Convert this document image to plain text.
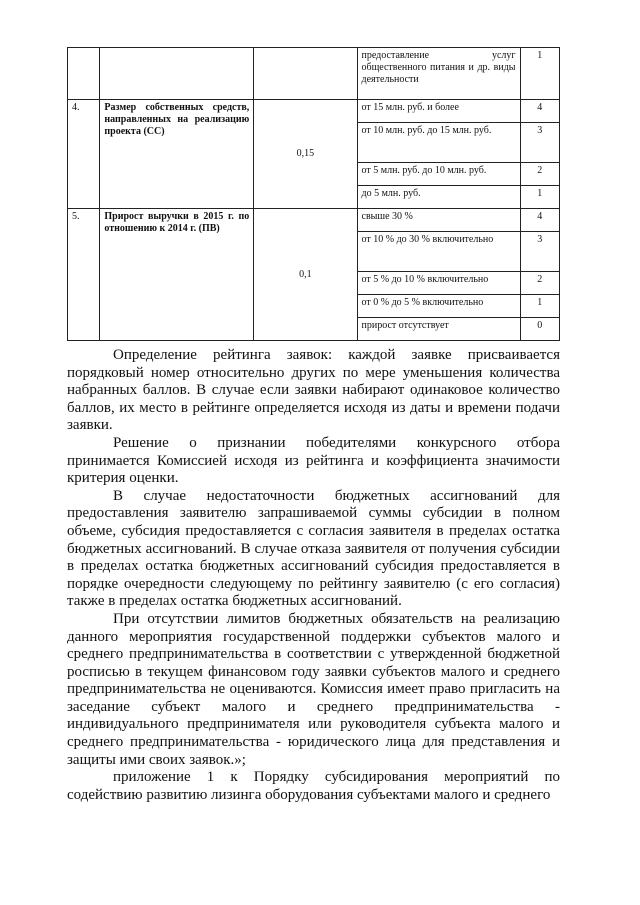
			предоставление услуг общественного питания и др. виды деятельности	1
4.	Размер собственных средств, направленных на реализацию проекта (СС)	0,15	от 15 млн. руб. и более	4
			от 10 млн. руб. до 15 млн. руб.	3
			от 5 млн. руб. до 10 млн. руб.	2
			до 5 млн. руб.	1
5.	Прирост выручки в 2015 г. по отношению к 2014 г. (ПВ)	0,1	свыше 30 %	4
			от 10 % до 30 % включительно	3
			от 5 % до 10 % включительно	2
			от 0 % до 5 % включительно	1
			прирост отсутствует	0

Определение рейтинга заявок: каждой заявке присваивается порядковый номер относительно других по мере уменьшения количества набранных баллов. В случае если заявки набирают одинаковое количество баллов, их место в рейтинге определяется исходя из даты и времени подачи заявки.

Решение о признании победителями конкурсного отбора принимается Комиссией исходя из рейтинга и коэффициента значимости критерия оценки.

В случае недостаточности бюджетных ассигнований для предоставления заявителю запрашиваемой суммы субсидии в полном объеме, субсидия предоставляется с согласия заявителя в пределах остатка бюджетных ассигнований. В случае отказа заявителя от получения субсидии в пределах остатка бюджетных ассигнований субсидия предоставляется в порядке очередности следующему по рейтингу заявителю (с его согласия) также в пределах остатка бюджетных ассигнований.

При отсутствии лимитов бюджетных обязательств на реализацию данного мероприятия государственной поддержки субъектов малого и среднего предпринимательства в соответствии с утвержденной бюджетной росписью в текущем финансовом году заявки субъектов малого и среднего предпринимательства не оцениваются. Комиссия имеет право пригласить на заседание субъект малого и среднего предпринимательства - индивидуального предпринимателя или руководителя субъекта малого и среднего предпринимательства - юридического лица для представления и защиты ими своих заявок.»;

приложение 1 к Порядку субсидирования мероприятий по содействию развитию лизинга оборудования субъектами малого и среднего
